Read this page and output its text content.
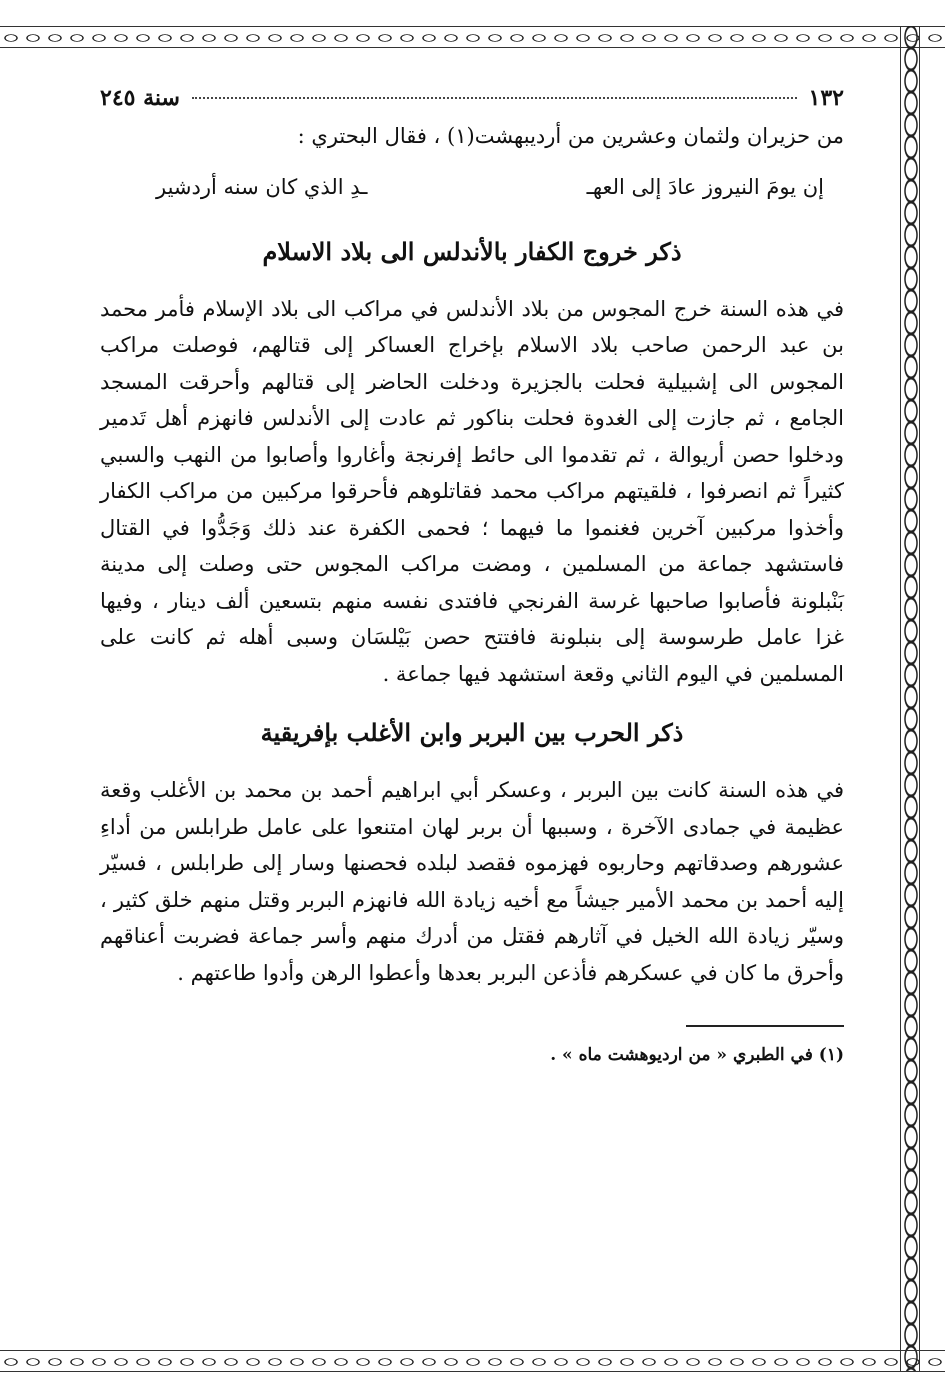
١٣٢
سنة ٢٤٥

من حزيران ولثمان وعشرين من أرديبهشت(١) ، فقال البحتري :

إن يومَ النيروز عادَ إلى العهـ
ـدِ الذي كان سنه أردشير
ذكر خروج الكفار بالأندلس الى بلاد الاسلام

في هذه السنة خرج المجوس من بلاد الأندلس في مراكب الى بلاد الإسلام فأمر محمد بن عبد الرحمن صاحب بلاد الاسلام بإخراج العساكر إلى قتالهم، فوصلت مراكب المجوس الى إشبيلية فحلت بالجزيرة ودخلت الحاضر إلى قتالهم وأحرقت المسجد الجامع ، ثم جازت إلى الغدوة فحلت بناكور ثم عادت إلى الأندلس فانهزم أهل تَدمير ودخلوا حصن أريوالة ، ثم تقدموا الى حائط إفرنجة وأغاروا وأصابوا من النهب والسبي كثيراً ثم انصرفوا ، فلقيتهم مراكب محمد فقاتلوهم فأحرقوا مركبين من مراكب الكفار وأخذوا مركبين آخرين فغنموا ما فيهما ؛ فحمى الكفرة عند ذلك وَجَدُّوا في القتال فاستشهد جماعة من المسلمين ، ومضت مراكب المجوس حتى وصلت إلى مدينة بَنْبلونة فأصابوا صاحبها غرسة الفرنجي فافتدى نفسه منهم بتسعين ألف دينار ، وفيها غزا عامل طرسوسة إلى بنبلونة فافتتح حصن بَيْلسَان وسبى أهله ثم كانت على المسلمين في اليوم الثاني وقعة استشهد فيها جماعة .

ذكر الحرب بين البربر وابن الأغلب بإفريقية

في هذه السنة كانت بين البربر ، وعسكر أبي ابراهيم أحمد بن محمد بن الأغلب وقعة عظيمة في جمادى الآخرة ، وسببها أن بربر لهان امتنعوا على عامل طرابلس من أداءِ عشورهم وصدقاتهم وحاربوه فهزموه فقصد لبلده فحصنها وسار إلى طرابلس ، فسيّر إليه أحمد بن محمد الأمير جيشاً مع أخيه زيادة الله فانهزم البربر وقتل منهم خلق كثير ، وسيّر زيادة الله الخيل في آثارهم فقتل من أدرك منهم وأسر جماعة فضربت أعناقهم وأحرق ما كان في عسكرهم فأذعن البربر بعدها وأعطوا الرهن وأدوا طاعتهم .

(١) في الطبري « من ارديوهشت ماه » .
